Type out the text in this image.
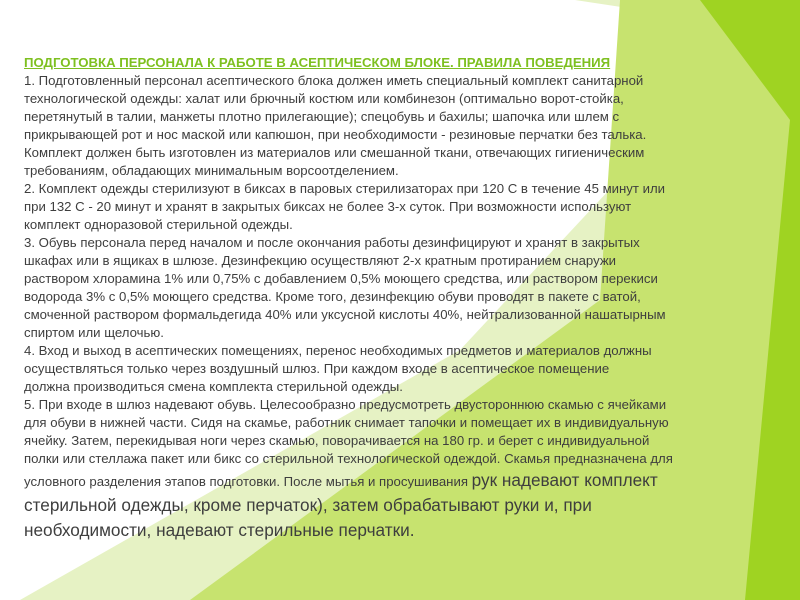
ПОДГОТОВКА ПЕРСОНАЛА К РАБОТЕ В АСЕПТИЧЕСКОМ БЛОКЕ. ПРАВИЛА ПОВЕДЕНИЯ

1. Подготовленный персонал асептического блока должен иметь специальный комплект санитарной
технологической одежды: халат или брючный костюм или комбинезон (оптимально ворот-стойка,
перетянутый в талии, манжеты плотно прилегающие); спецобувь и бахилы; шапочка или шлем с
прикрывающей рот и нос маской или капюшон, при необходимости - резиновые перчатки без талька.
Комплект должен быть изготовлен из материалов или смешанной ткани, отвечающих гигиеническим
требованиям, обладающих минимальным ворсоотделением.

2. Комплект одежды стерилизуют в биксах в паровых стерилизаторах при 120 С в течение 45 минут или
при 132 С - 20 минут и хранят в закрытых биксах не более 3-х суток. При возможности используют
комплект одноразовой стерильной одежды.

3. Обувь персонала перед началом и после окончания работы дезинфицируют и хранят в закрытых
шкафах или в ящиках в шлюзе. Дезинфекцию осуществляют 2-х кратным протиранием снаружи
раствором хлорамина 1% или 0,75% с добавлением 0,5% моющего средства, или раствором перекиси
водорода 3% с 0,5% моющего средства. Кроме того, дезинфекцию обуви проводят в пакете с ватой,
смоченной раствором формальдегида 40% или уксусной кислоты 40%, нейтрализованной нашатырным
спиртом или щелочью.

4. Вход и выход в асептических помещениях, перенос необходимых предметов и материалов должны
осуществляться только через воздушный шлюз. При каждом входе в асептическое помещение
должна производиться смена комплекта стерильной одежды.

5. При входе в шлюз надевают обувь. Целесообразно предусмотреть двустороннюю скамью с ячейками
для обуви в нижней части. Сидя на скамье, работник снимает тапочки и помещает их в индивидуальную
ячейку. Затем, перекидывая ноги через скамью, поворачивается на 180 гр. и берет с индивидуальной
полки или стеллажа пакет или бикс со стерильной технологической одеждой. Скамья предназначена для
условного разделения этапов подготовки. После мытья и просушивания рук надевают комплект
стерильной одежды, кроме перчаток), затем обрабатывают руки и, при
необходимости, надевают стерильные перчатки.
